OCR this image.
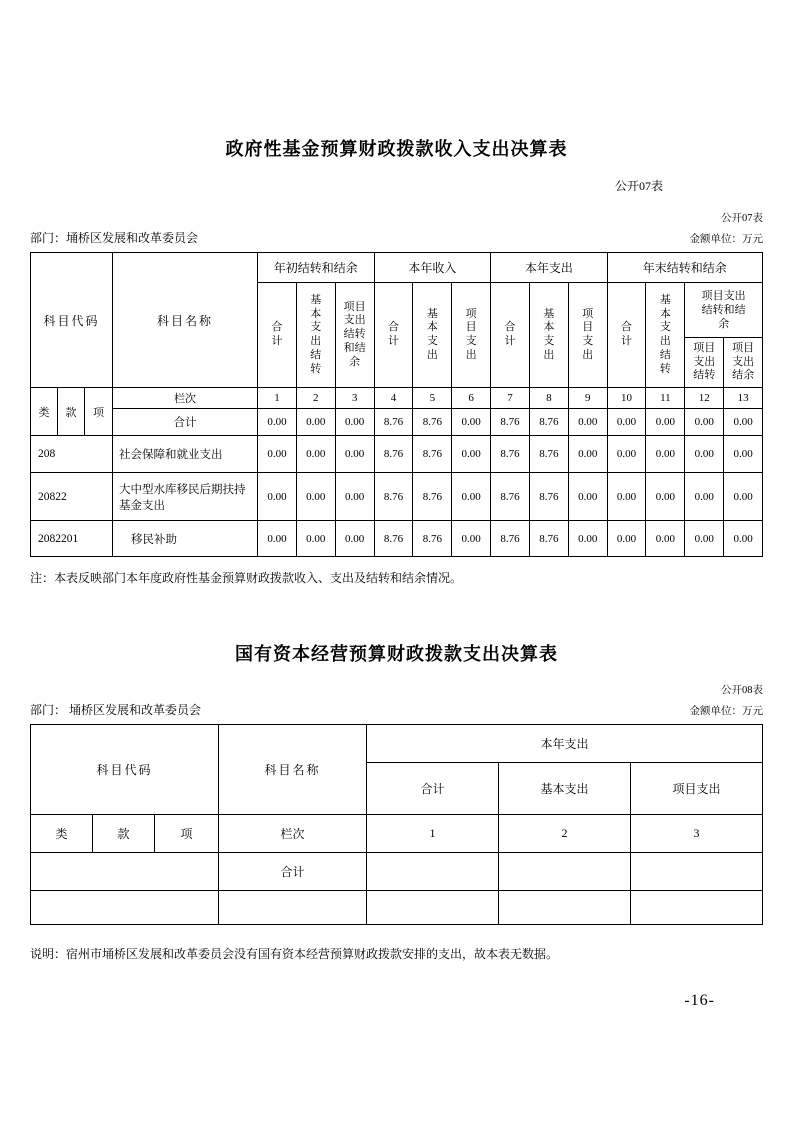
政府性基金预算财政拨款收入支出决算表
公开07表
公开07表
部门：埇桥区发展和改革委员会	金额单位：万元
科目代码			科目名称	年初结转和结余			本年收入			本年支出			年末结转和结余			
				合计	基本支出结转	项目支出结转和结余	合计	基本支出	项目支出	合计	基本支出	项目支出	合计	基本支出结转	项目支出结转和结余	
															项目支出结转	项目支出结余
类	款	项	栏次	1	2	3	4	5	6	7	8	9	10	11	12	13
			合计	0.00	0.00	0.00	8.76	8.76	0.00	8.76	8.76	0.00	0.00	0.00	0.00	0.00
208			社会保障和就业支出	0.00	0.00	0.00	8.76	8.76	0.00	8.76	8.76	0.00	0.00	0.00	0.00	0.00
20822			大中型水库移民后期扶持基金支出	0.00	0.00	0.00	8.76	8.76	0.00	8.76	8.76	0.00	0.00	0.00	0.00	0.00
2082201			移民补助	0.00	0.00	0.00	8.76	8.76	0.00	8.76	8.76	0.00	0.00	0.00	0.00	0.00
注：本表反映部门本年度政府性基金预算财政拨款收入、支出及结转和结余情况。
国有资本经营预算财政拨款支出决算表
公开08表
部门： 埇桥区发展和改革委员会	金额单位：万元
科目代码			科目名称	本年支出		
				合计	基本支出	项目支出
类	款	项	栏次	1	2	3
			合计			

说明：宿州市埇桥区发展和改革委员会没有国有资本经营预算财政拨款安排的支出，故本表无数据。
-16-
